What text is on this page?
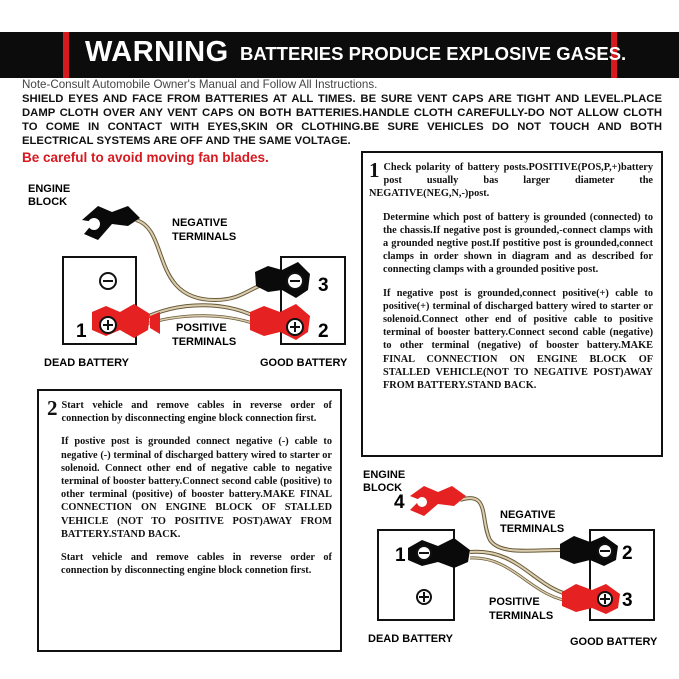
WARNING BATTERIES PRODUCE EXPLOSIVE GASES.
Note-Consult Automobile Owner's Manual and Follow All Instructions.
SHIELD EYES AND FACE FROM BATTERIES AT ALL TIMES. BE SURE VENT CAPS ARE TIGHT AND LEVEL.PLACE DAMP CLOTH OVER ANY VENT CAPS ON BOTH BATTERIES.HANDLE CLOTH CAREFULLY-DO NOT ALLOW CLOTH TO COME IN CONTACT WITH EYES,SKIN OR CLOTHING.BE SURE VEHICLES DO NOT TOUCH AND BOTH ELECTRICAL SYSTEMS ARE OFF AND THE SAME VOLTAGE.
Be careful to avoid moving fan blades.
ENGINE
BLOCK
NEGATIVE
TERMINALS
POSITIVE
TERMINALS
DEAD BATTERY	GOOD BATTERY
1	2
3
ENGINE
BLOCK
NEGATIVE
TERMINALS
POSITIVE
TERMINALS
DEAD BATTERY	GOOD BATTERY
1	2
3
4
1 Check polarity of battery posts.POSITIVE(POS,P,+)battery post usually bas larger diameter the NEGATIVE(NEG,N,-)post.

Determine which post of battery is grounded (connected) to the chassis.If negative post is grounded,-connect clamps with a grounded negtive post.If postitive post is grounded,connect clamps in order shown in diagram and as described for connecting clamps with a grounded positive post.

If negative post is grounded,connect positive(+) cable to positive(+) terminal of discharged battery wired to starter or solenoid.Connect other end of positive cable to positive terminal of booster battery.Connect second cable (negative) to other terminal (negative) of booster battery.MAKE FINAL CONNECTION ON ENGINE BLOCK OF STALLED VEHICLE(NOT TO NEGATIVE POST)AWAY FROM BATTERY.STAND BACK.

2 Start vehicle and remove cables in reverse order of connection by disconnecting engine block connection first.

If postive post is grounded connect negative (-) cable to negative (-) terminal of discharged battery wired to starter or solenoid. Connect other end of negative cable to negative terminal of booster battery.Connect second cable (positive) to other terminal (positive) of booster battery.MAKE FINAL CONNECTION ON ENGINE BLOCK OF STALLED VEHICLE (NOT TO POSITIVE POST)AWAY FROM BATTERY.STAND BACK.

Start vehicle and remove cables in reverse order of connection by disconnecting engine block connetion first.
